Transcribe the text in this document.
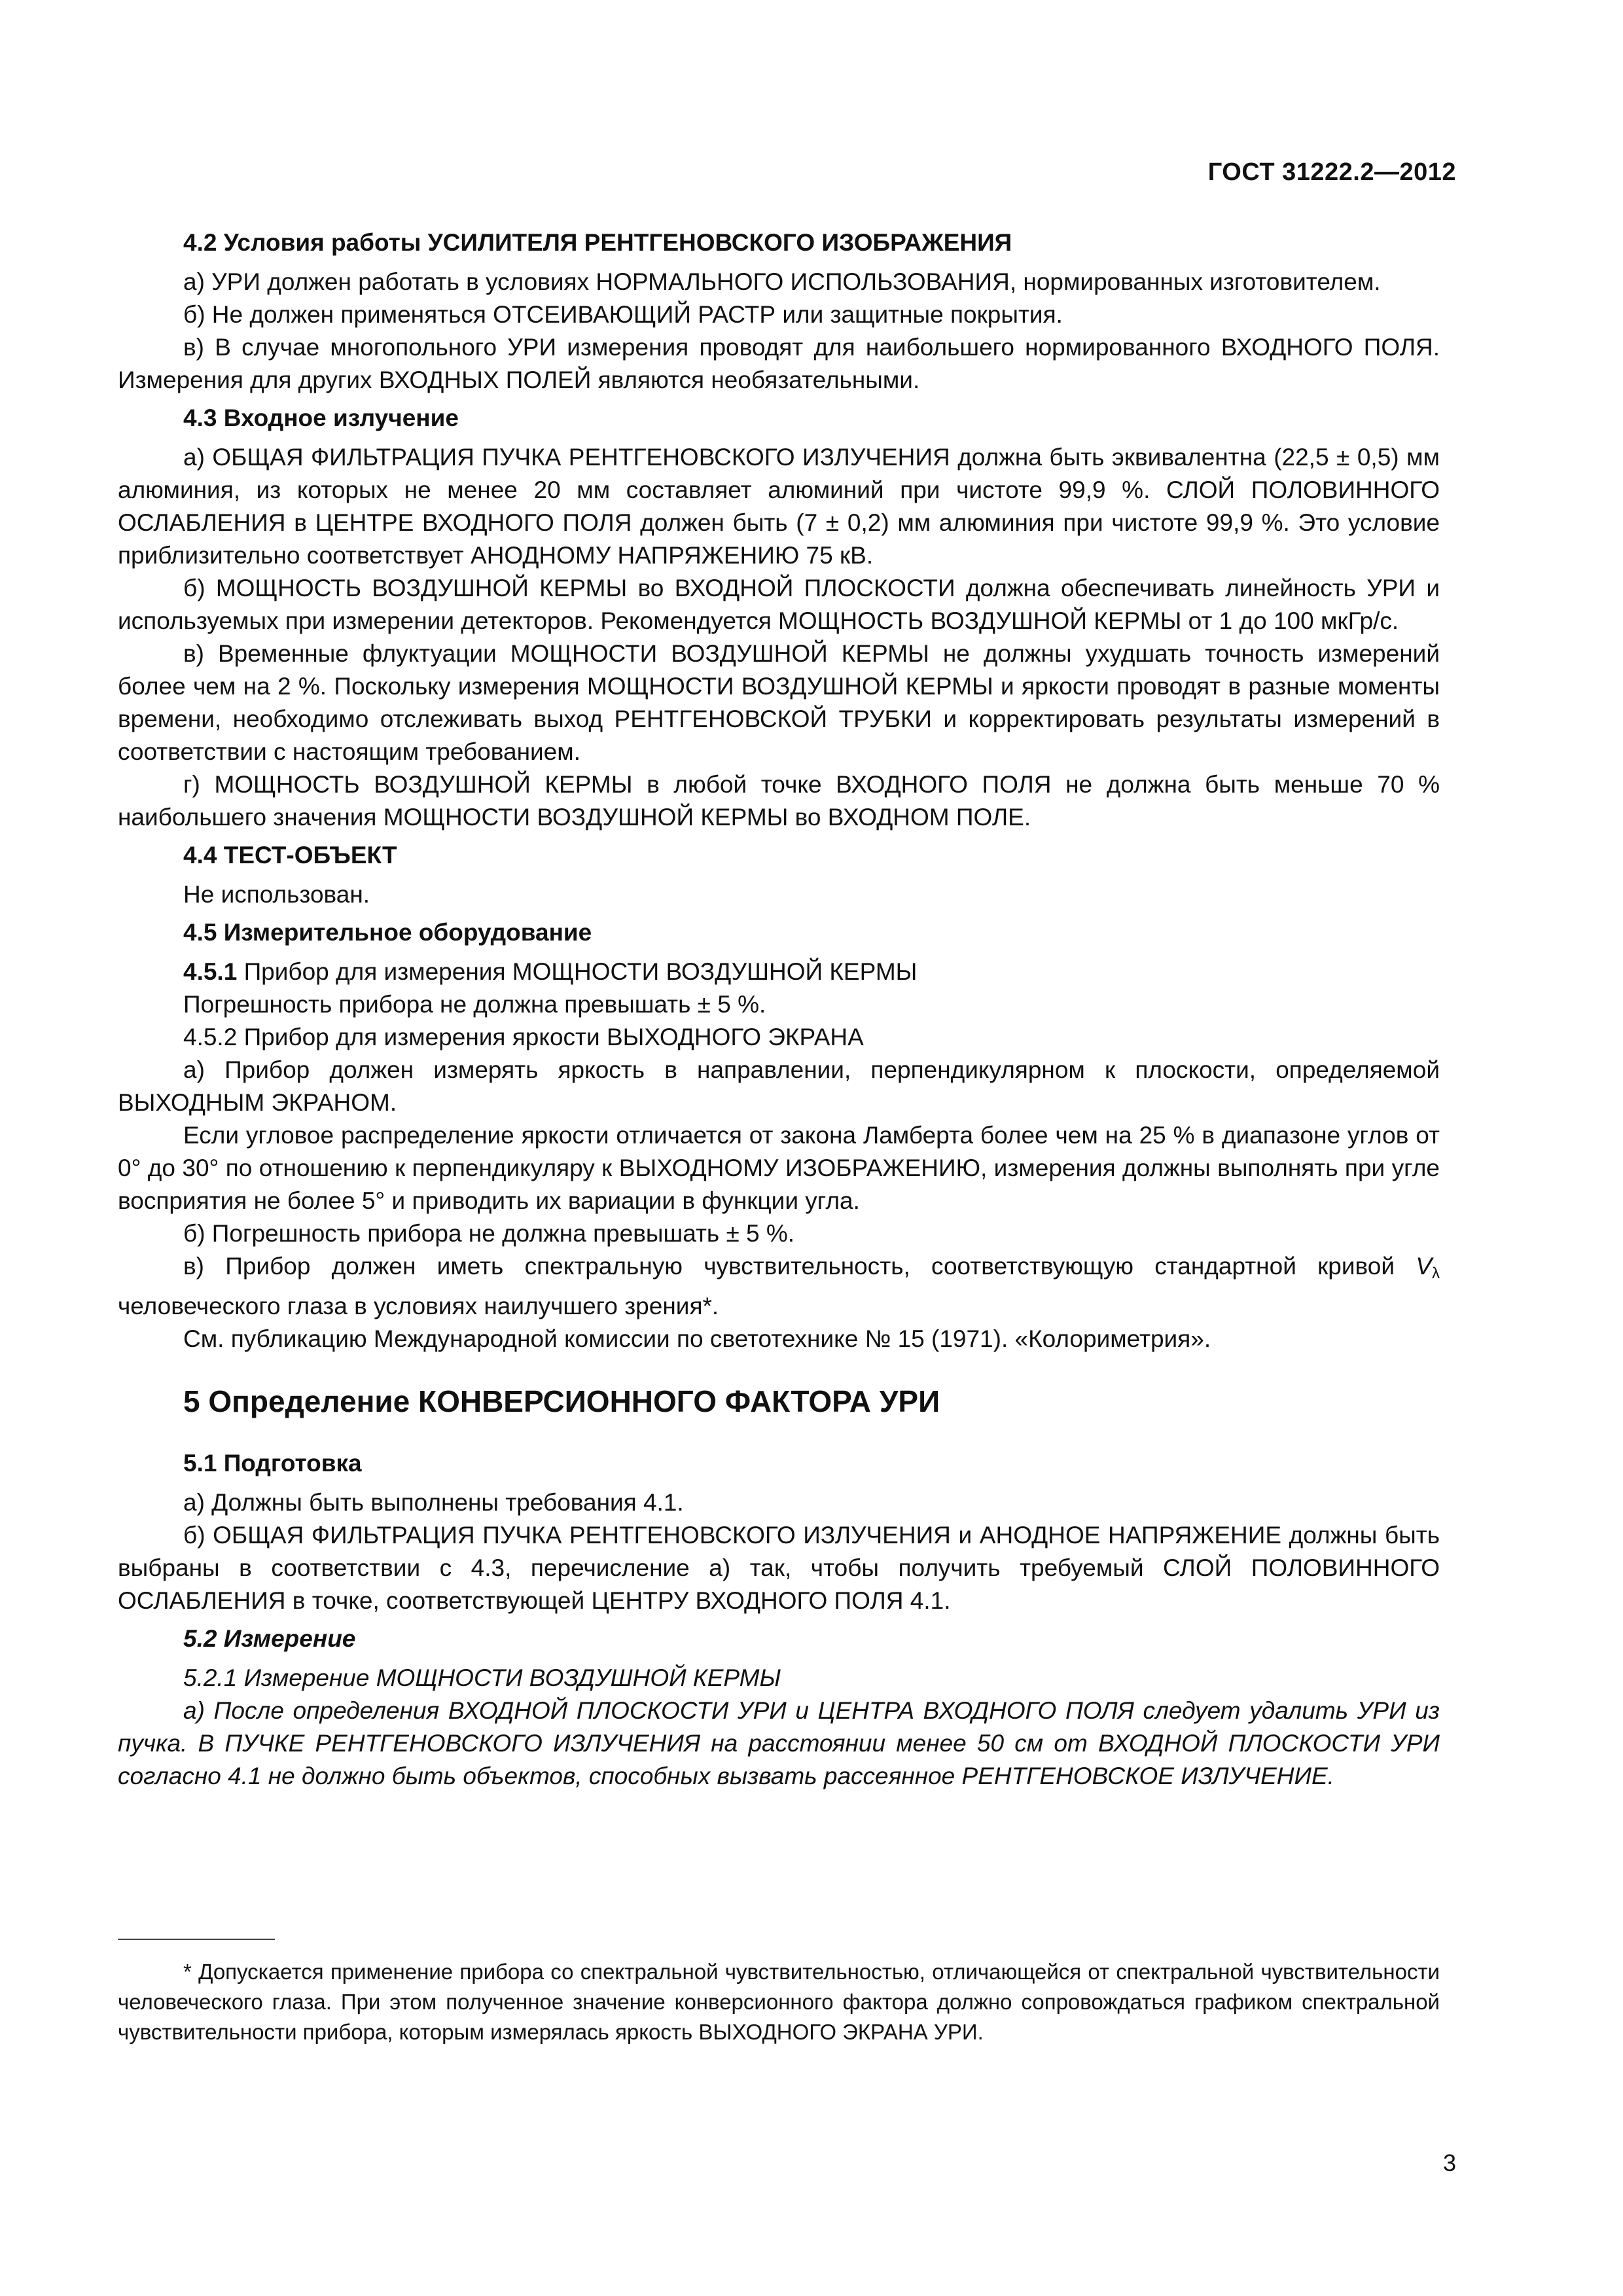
ГОСТ 31222.2—2012
4.2 Условия работы УСИЛИТЕЛЯ РЕНТГЕНОВСКОГО ИЗОБРАЖЕНИЯ

а) УРИ должен работать в условиях НОРМАЛЬНОГО ИСПОЛЬЗОВАНИЯ, нормированных изготовителем.

б) Не должен применяться ОТСЕИВАЮЩИЙ РАСТР или защитные покрытия.

в) В случае многопольного УРИ измерения проводят для наибольшего нормированного ВХОДНОГО ПОЛЯ. Измерения для других ВХОДНЫХ ПОЛЕЙ являются необязательными.

4.3 Входное излучение

а) ОБЩАЯ ФИЛЬТРАЦИЯ ПУЧКА РЕНТГЕНОВСКОГО ИЗЛУЧЕНИЯ должна быть эквивалентна (22,5 ± 0,5) мм алюминия, из которых не менее 20 мм составляет алюминий при чистоте 99,9 %. СЛОЙ ПОЛОВИННОГО ОСЛАБЛЕНИЯ в ЦЕНТРЕ ВХОДНОГО ПОЛЯ должен быть (7 ± 0,2) мм алюминия при чистоте 99,9 %. Это условие приблизительно соответствует АНОДНОМУ НАПРЯЖЕНИЮ 75 кВ.

б) МОЩНОСТЬ ВОЗДУШНОЙ КЕРМЫ во ВХОДНОЙ ПЛОСКОСТИ должна обеспечивать линейность УРИ и используемых при измерении детекторов. Рекомендуется МОЩНОСТЬ ВОЗДУШНОЙ КЕРМЫ от 1 до 100 мкГр/с.

в) Временные флуктуации МОЩНОСТИ ВОЗДУШНОЙ КЕРМЫ не должны ухудшать точность измерений более чем на 2 %. Поскольку измерения МОЩНОСТИ ВОЗДУШНОЙ КЕРМЫ и яркости проводят в разные моменты времени, необходимо отслеживать выход РЕНТГЕНОВСКОЙ ТРУБКИ и корректировать результаты измерений в соответствии с настоящим требованием.

г) МОЩНОСТЬ ВОЗДУШНОЙ КЕРМЫ в любой точке ВХОДНОГО ПОЛЯ не должна быть меньше 70 % наибольшего значения МОЩНОСТИ ВОЗДУШНОЙ КЕРМЫ во ВХОДНОМ ПОЛЕ.

4.4 ТЕСТ-ОБЪЕКТ

Не использован.

4.5 Измерительное оборудование

4.5.1 Прибор для измерения МОЩНОСТИ ВОЗДУШНОЙ КЕРМЫ

Погрешность прибора не должна превышать ± 5 %.

4.5.2 Прибор для измерения яркости ВЫХОДНОГО ЭКРАНА

а) Прибор должен измерять яркость в направлении, перпендикулярном к плоскости, определяемой ВЫХОДНЫМ ЭКРАНОМ.

Если угловое распределение яркости отличается от закона Ламберта более чем на 25 % в диапазоне углов от 0° до 30° по отношению к перпендикуляру к ВЫХОДНОМУ ИЗОБРАЖЕНИЮ, измерения должны выполнять при угле восприятия не более 5° и приводить их вариации в функции угла.

б) Погрешность прибора не должна превышать ± 5 %.

в) Прибор должен иметь спектральную чувствительность, соответствующую стандартной кривой $V_\lambda$ человеческого глаза в условиях наилучшего зрения*.

См. публикацию Международной комиссии по светотехнике № 15 (1971). «Колориметрия».

5 Определение КОНВЕРСИОННОГО ФАКТОРА УРИ
5.1 Подготовка

а) Должны быть выполнены требования 4.1.

б) ОБЩАЯ ФИЛЬТРАЦИЯ ПУЧКА РЕНТГЕНОВСКОГО ИЗЛУЧЕНИЯ и АНОДНОЕ НАПРЯЖЕНИЕ должны быть выбраны в соответствии с 4.3, перечисление а) так, чтобы получить требуемый СЛОЙ ПОЛОВИННОГО ОСЛАБЛЕНИЯ в точке, соответствующей ЦЕНТРУ ВХОДНОГО ПОЛЯ 4.1.

5.2 Измерение

5.2.1 Измерение МОЩНОСТИ ВОЗДУШНОЙ КЕРМЫ

а) После определения ВХОДНОЙ ПЛОСКОСТИ УРИ и ЦЕНТРА ВХОДНОГО ПОЛЯ следует удалить УРИ из пучка. В ПУЧКЕ РЕНТГЕНОВСКОГО ИЗЛУЧЕНИЯ на расстоянии менее 50 см от ВХОДНОЙ ПЛОСКОСТИ УРИ согласно 4.1 не должно быть объектов, способных вызвать рассеянное РЕНТГЕНОВСКОЕ ИЗЛУЧЕНИЕ.

* Допускается применение прибора со спектральной чувствительностью, отличающейся от спектральной чувствительности человеческого глаза. При этом полученное значение конверсионного фактора должно сопровождаться графиком спектральной чувствительности прибора, которым измерялась яркость ВЫХОДНОГО ЭКРАНА УРИ.

3
